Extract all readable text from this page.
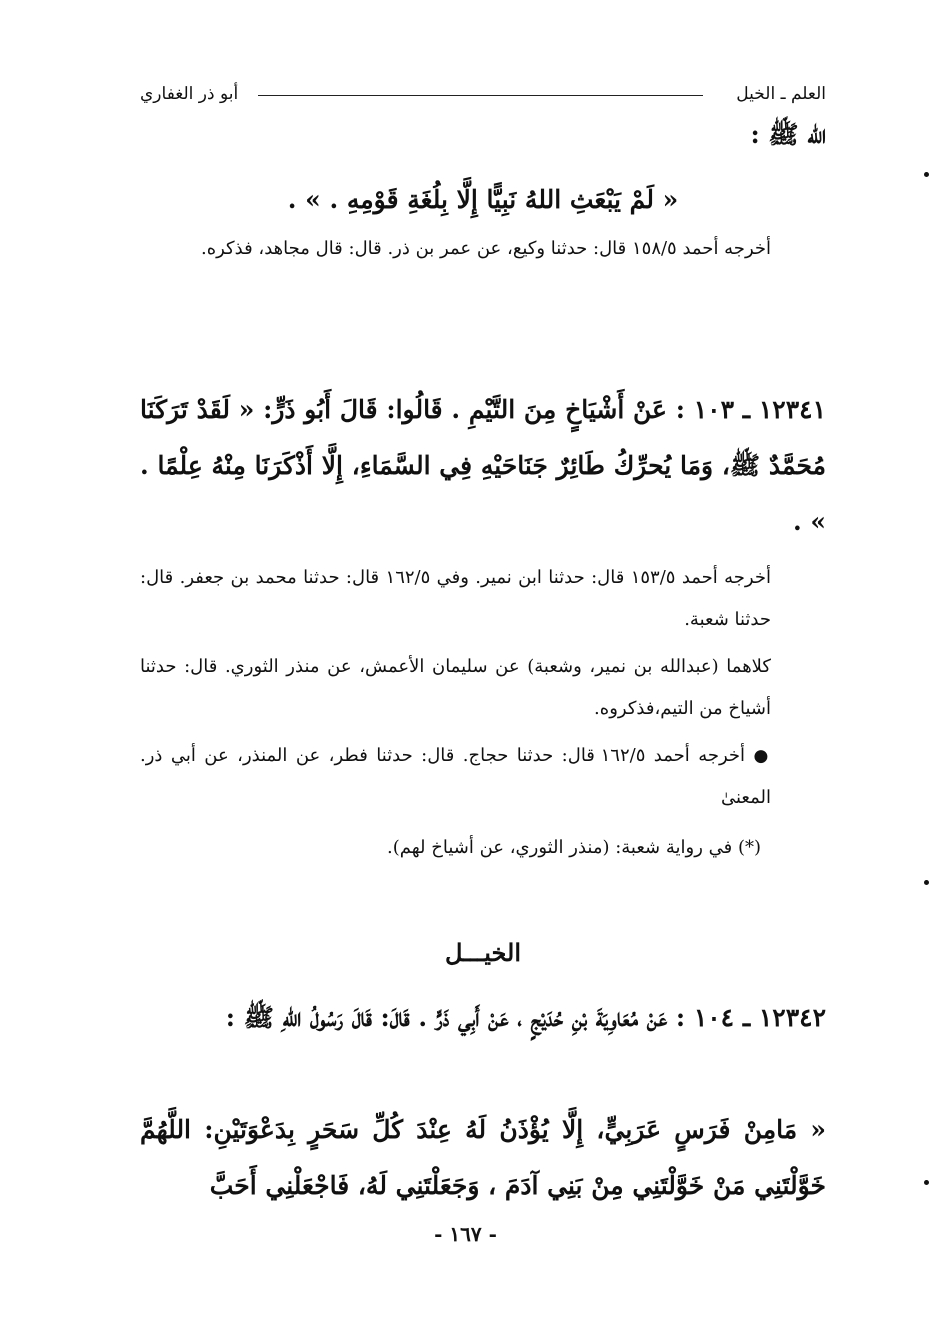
العلم ـ الخيل
أبو ذر الغفاري
الله ﷺ :
« لَمْ يَبْعَثِ اللهُ نَبِيًّا إِلَّا بِلُغَةِ قَوْمِهِ . » .
أخرجه أحمد ١٥٨/٥ قال: حدثنا وكيع، عن عمر بن ذر. قال: قال مجاهد، فذكره.
١٢٣٤١ ـ ١٠٣ : عَنْ أَشْيَاخٍ مِنَ التَّيْمِ . قَالُوا: قَالَ أَبُو ذَرٍّ: « لَقَدْ تَرَكَنَا مُحَمَّدٌ ﷺ، وَمَا يُحرِّكُ طَائِرٌ جَنَاحَيْهِ فِي السَّمَاءِ، إِلَّا أَذْكَرَنَا مِنْهُ عِلْمًا . » .
أخرجه أحمد ١٥٣/٥ قال: حدثنا ابن نمير. وفي ١٦٢/٥ قال: حدثنا محمد بن جعفر. قال: حدثنا شعبة.
كلاهما (عبدالله بن نمير، وشعبة) عن سليمان الأعمش، عن منذر الثوري. قال: حدثنا أشياخ من التيم،فذكروه.
● أخرجه أحمد ١٦٢/٥ قال: حدثنا حجاج. قال: حدثنا فطر، عن المنذر، عن أبي ذر. المعنىٰ
(*) في رواية شعبة: (منذر الثوري، عن أشياخ لهم).
الخيـــل
١٢٣٤٢ ـ ١٠٤ : عَنْ مُعَاوِيَةَ بْنِ حُدَيْجٍ ، عَنْ أَبِي ذَرٍّ . قَالَ: قَالَ رَسُولُ اللهِ ﷺ :
« مَامِنْ فَرَسٍ عَرَبِيٍّ، إِلَّا يُؤْذَنُ لَهُ عِنْدَ كُلِّ سَحَرٍ بِدَعْوَتَيْنِ: اللَّهُمَّ خَوَّلْتَنِي مَنْ خَوَّلْتَنِي مِنْ بَنِي آدَمَ ، وَجَعَلْتَنِي لَهُ، فَاجْعَلْنِي أَحَبَّ
- ١٦٧ -
